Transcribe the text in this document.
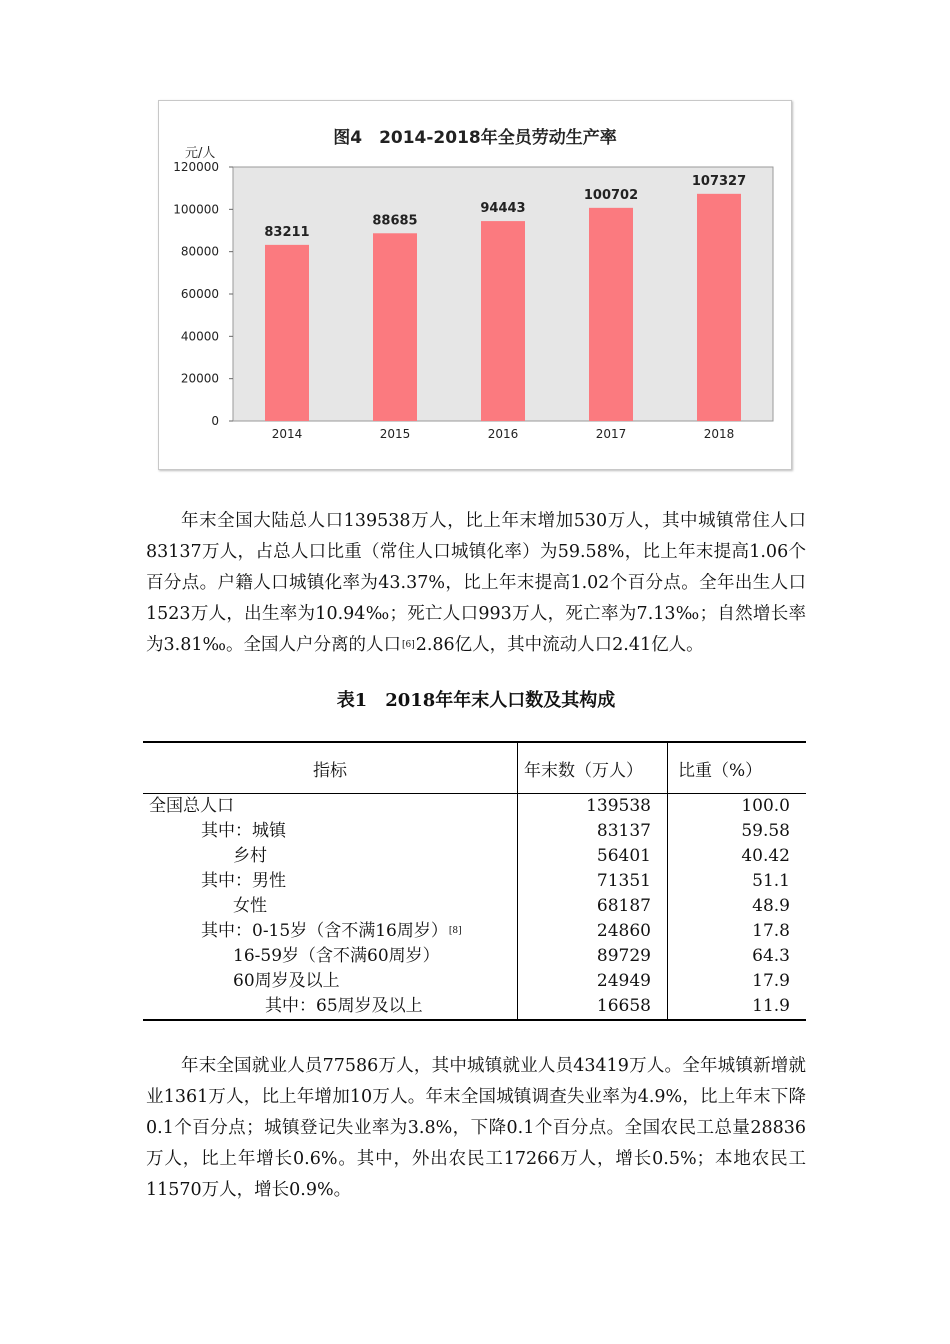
图4　2014-2018年全员劳动生产率
元/人
0
20000
40000
60000
80000
100000
120000
83211
2014
88685
2015
94443
2016
100702
2017
107327
2018

年末全国大陆总人口139538万人，比上年末增加530万人，其中城镇常住人口83137万人，占总人口比重（常住人口城镇化率）为59.58%，比上年末提高1.06个百分点。户籍人口城镇化率为43.37%，比上年末提高1.02个百分点。全年出生人口1523万人，出生率为10.94‰；死亡人口993万人，死亡率为7.13‰；自然增长率为3.81‰。全国人户分离的人口[6]2.86亿人，其中流动人口2.41亿人。

表1　2018年年末人口数及其构成

指标	年末数（万人）	比重（%）
全国总人口	139538	100.0
其中：城镇	83137	59.58
乡村	56401	40.42
其中：男性	71351	51.1
女性	68187	48.9
其中：0-15岁（含不满16周岁）[8]	24860	17.8
16-59岁（含不满60周岁）	89729	64.3
60周岁及以上	24949	17.9
其中：65周岁及以上	16658	11.9

年末全国就业人员77586万人，其中城镇就业人员43419万人。全年城镇新增就业1361万人，比上年增加10万人。年末全国城镇调查失业率为4.9%，比上年末下降0.1个百分点；城镇登记失业率为3.8%，下降0.1个百分点。全国农民工总量28836万人，比上年增长0.6%。其中，外出农民工17266万人，增长0.5%；本地农民工11570万人，增长0.9%。
